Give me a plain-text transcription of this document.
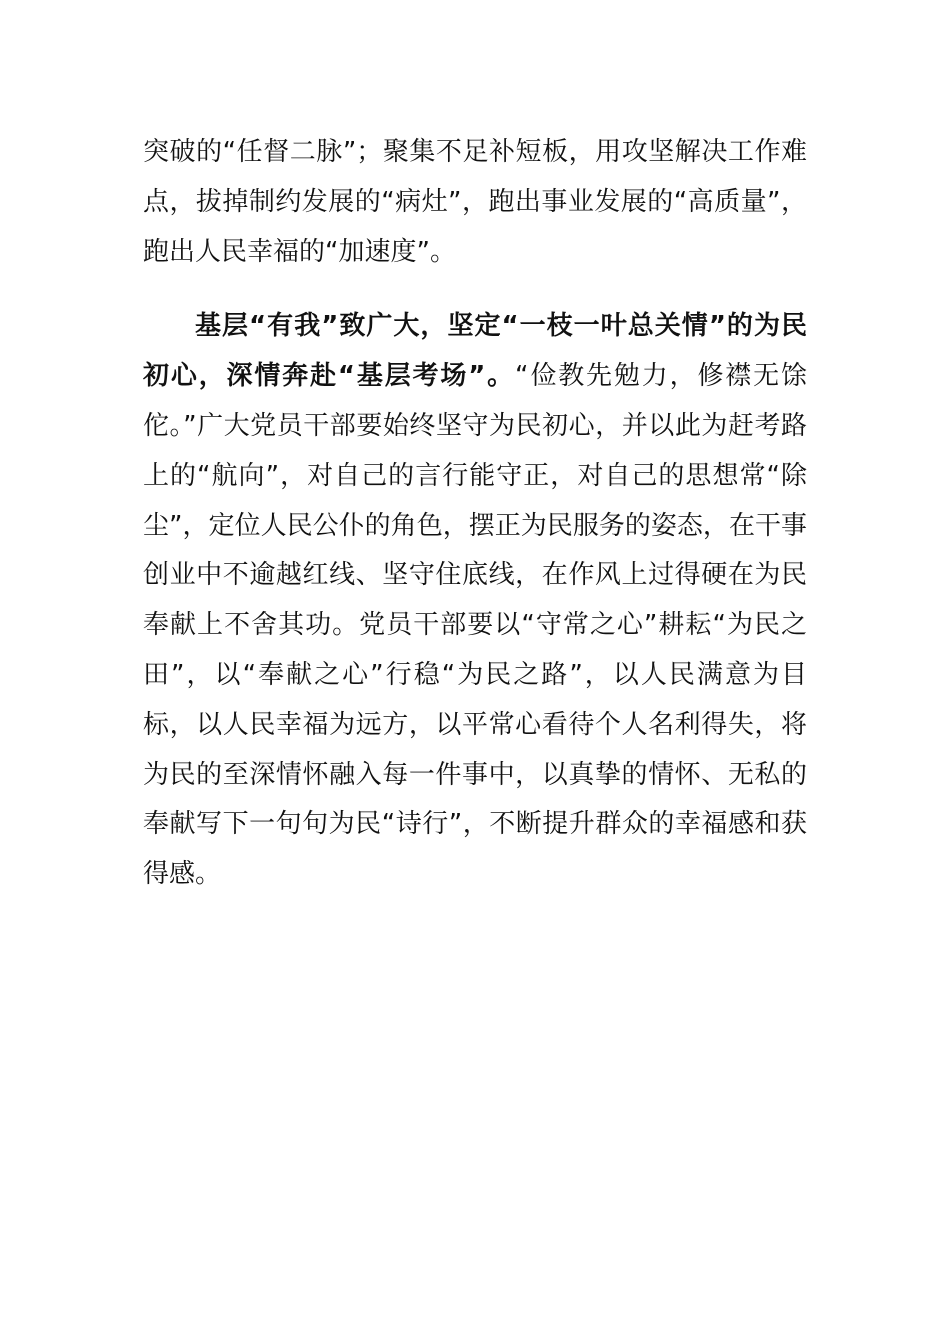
突破的“任督二脉”；聚集不足补短板，用攻坚解决工作难点，拔掉制约发展的“病灶”，跑出事业发展的“高质量”，跑出人民幸福的“加速度”。

基层“有我”致广大，坚定“一枝一叶总关情”的为民初心，深情奔赴“基层考场”。“俭教先勉力，修襟无馀佗。”广大党员干部要始终坚守为民初心，并以此为赶考路上的“航向”，对自己的言行能守正，对自己的思想常“除尘”，定位人民公仆的角色，摆正为民服务的姿态，在干事创业中不逾越红线、坚守住底线，在作风上过得硬在为民奉献上不舍其功。党员干部要以“守常之心”耕耘“为民之田”，以“奉献之心”行稳“为民之路”，以人民满意为目标，以人民幸福为远方，以平常心看待个人名利得失，将为民的至深情怀融入每一件事中，以真挚的情怀、无私的奉献写下一句句为民“诗行”，不断提升群众的幸福感和获得感。
